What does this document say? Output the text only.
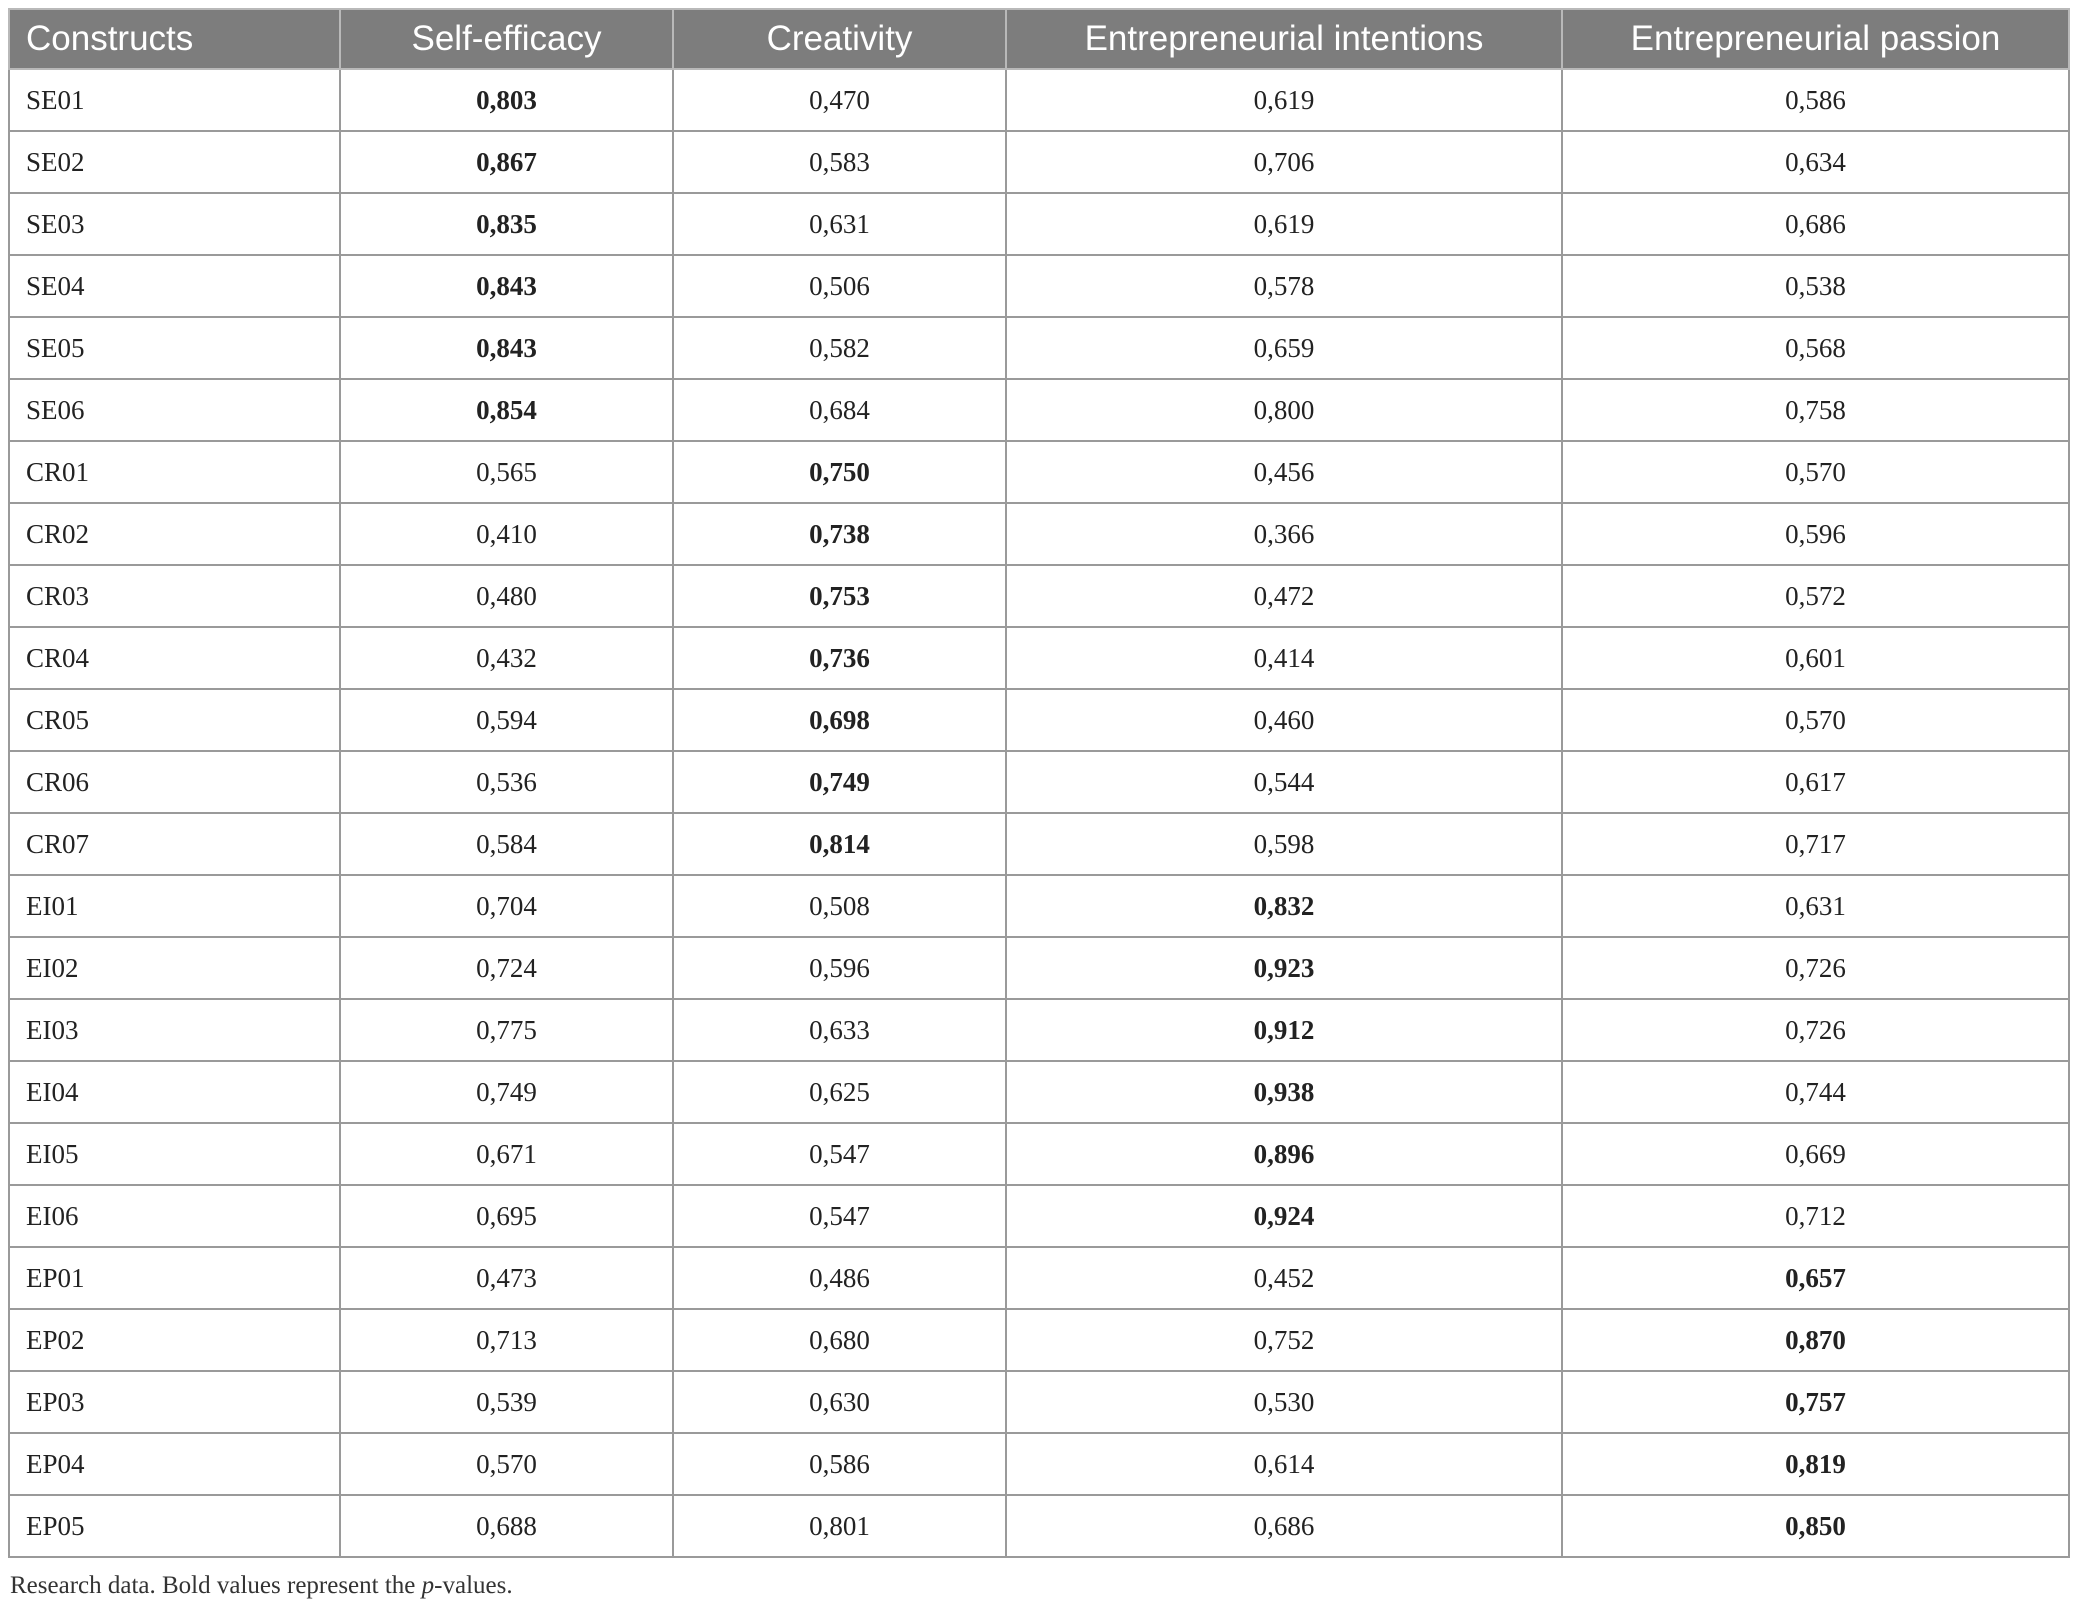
Constructs	Self-efficacy	Creativity	Entrepreneurial intentions	Entrepreneurial passion
SE01	0,803	0,470	0,619	0,586
SE02	0,867	0,583	0,706	0,634
SE03	0,835	0,631	0,619	0,686
SE04	0,843	0,506	0,578	0,538
SE05	0,843	0,582	0,659	0,568
SE06	0,854	0,684	0,800	0,758
CR01	0,565	0,750	0,456	0,570
CR02	0,410	0,738	0,366	0,596
CR03	0,480	0,753	0,472	0,572
CR04	0,432	0,736	0,414	0,601
CR05	0,594	0,698	0,460	0,570
CR06	0,536	0,749	0,544	0,617
CR07	0,584	0,814	0,598	0,717
EI01	0,704	0,508	0,832	0,631
EI02	0,724	0,596	0,923	0,726
EI03	0,775	0,633	0,912	0,726
EI04	0,749	0,625	0,938	0,744
EI05	0,671	0,547	0,896	0,669
EI06	0,695	0,547	0,924	0,712
EP01	0,473	0,486	0,452	0,657
EP02	0,713	0,680	0,752	0,870
EP03	0,539	0,630	0,530	0,757
EP04	0,570	0,586	0,614	0,819
EP05	0,688	0,801	0,686	0,850
Research data. Bold values represent the p-values.
